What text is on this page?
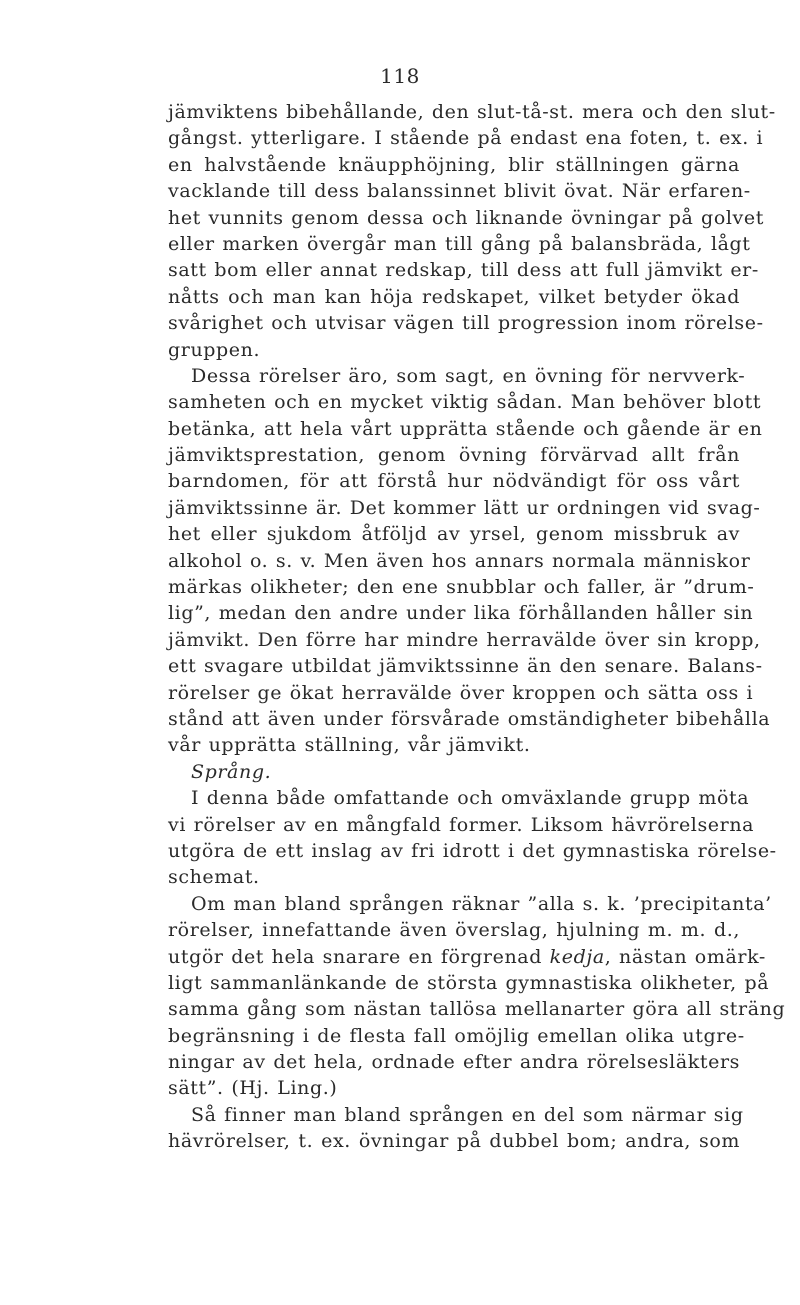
118
jämviktens bibehållande, den slut-tå-st. mera och den slut-
gångst. ytterligare. I stående på endast ena foten, t. ex. i
en halvstående knäupphöjning, blir ställningen gärna
vacklande till dess balanssinnet blivit övat. När erfaren-
het vunnits genom dessa och liknande övningar på golvet
eller marken övergår man till gång på balansbräda, lågt
satt bom eller annat redskap, till dess att full jämvikt er-
nåtts och man kan höja redskapet, vilket betyder ökad
svårighet och utvisar vägen till progression inom rörelse-
gruppen.
Dessa rörelser äro, som sagt, en övning för nervverk-
samheten och en mycket viktig sådan. Man behöver blott
betänka, att hela vårt upprätta stående och gående är en
jämviktsprestation, genom övning förvärvad allt från
barndomen, för att förstå hur nödvändigt för oss vårt
jämviktssinne är. Det kommer lätt ur ordningen vid svag-
het eller sjukdom åtföljd av yrsel, genom missbruk av
alkohol o. s. v. Men även hos annars normala människor
märkas olikheter; den ene snubblar och faller, är ”drum-
lig”, medan den andre under lika förhållanden håller sin
jämvikt. Den förre har mindre herravälde över sin kropp,
ett svagare utbildat jämviktssinne än den senare. Balans-
rörelser ge ökat herravälde över kroppen och sätta oss i
stånd att även under försvårade omständigheter bibehålla
vår upprätta ställning, vår jämvikt.
Språng.
I denna både omfattande och omväxlande grupp möta
vi rörelser av en mångfald former. Liksom hävrörelserna
utgöra de ett inslag av fri idrott i det gymnastiska rörelse-
schemat.
Om man bland sprången räknar ”alla s. k. ’precipitanta’
rörelser, innefattande även överslag, hjulning m. m. d.,
utgör det hela snarare en förgrenad kedja, nästan omärk-
ligt sammanlänkande de största gymnastiska olikheter, på
samma gång som nästan tallösa mellanarter göra all sträng
begränsning i de flesta fall omöjlig emellan olika utgre-
ningar av det hela, ordnade efter andra rörelsesläkters
sätt”. (Hj. Ling.)
Så finner man bland sprången en del som närmar sig
hävrörelser, t. ex. övningar på dubbel bom; andra, som
